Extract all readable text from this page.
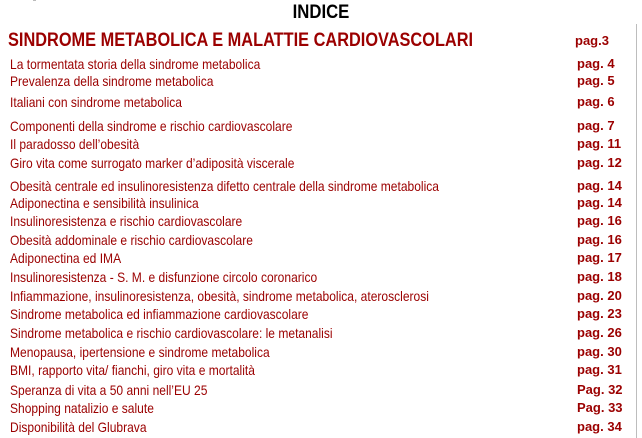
INDICE
SINDROME METABOLICA E MALATTIE CARDIOVASCOLARI	pag.3
La tormentata storia della sindrome metabolica	pag. 4
Prevalenza della sindrome metabolica	pag. 5
Italiani con sindrome metabolica	pag. 6
Componenti della sindrome e rischio cardiovascolare	pag. 7
Il paradosso dell’obesità	pag. 11
Giro vita come surrogato marker d’adiposità viscerale	pag. 12
Obesità centrale ed insulinoresistenza difetto centrale della sindrome metabolica	pag. 14
Adiponectina e sensibilità insulinica	pag. 14
Insulinoresistenza e rischio cardiovascolare	pag. 16
Obesità addominale e rischio cardiovascolare	pag. 16
Adiponectina ed IMA	pag. 17
Insulinoresistenza - S. M. e disfunzione circolo coronarico	pag. 18
Infiammazione, insulinoresistenza, obesità, sindrome metabolica, aterosclerosi	pag. 20
Sindrome metabolica ed infiammazione cardiovascolare	pag. 23
Sindrome metabolica e rischio cardiovascolare: le metanalisi	pag. 26
Menopausa, ipertensione e sindrome metabolica	pag. 30
BMI, rapporto vita/ fianchi, giro vita e mortalità	pag. 31
Speranza di vita a 50 anni nell’EU 25	Pag. 32
Shopping natalizio e salute	Pag. 33
Disponibilità del Glubrava	pag. 34
